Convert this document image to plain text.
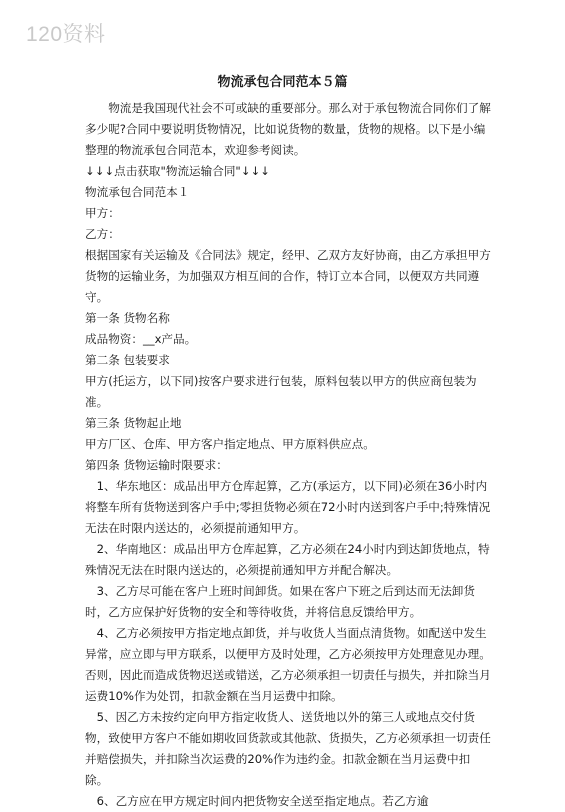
120资料
物流承包合同范本５篇

物流是我国现代社会不可或缺的重要部分。那么对于承包物流合同你们了解多少呢?合同中要说明货物情况，比如说货物的数量，货物的规格。以下是小编整理的物流承包合同范本，欢迎参考阅读。

↓↓↓点击获取"物流运输合同"↓↓↓

物流承包合同范本１

甲方：

乙方：

根据国家有关运输及《合同法》规定，经甲、乙双方友好协商，由乙方承担甲方货物的运输业务，为加强双方相互间的合作，特订立本合同，以便双方共同遵守。

第一条 货物名称

成品物资：__x产品。

第二条 包装要求

甲方(托运方，以下同)按客户要求进行包装，原料包装以甲方的供应商包装为准。

第三条 货物起止地

甲方厂区、仓库、甲方客户指定地点、甲方原料供应点。

第四条 货物运输时限要求：

1、华东地区：成品出甲方仓库起算，乙方(承运方，以下同)必须在36小时内将整车所有货物送到客户手中;零担货物必须在72小时内送到客户手中;特殊情况无法在时限内送达的，必须提前通知甲方。

2、华南地区：成品出甲方仓库起算，乙方必须在24小时内到达卸货地点，特殊情况无法在时限内送达的，必须提前通知甲方并配合解决。

3、乙方尽可能在客户上班时间卸货。如果在客户下班之后到达而无法卸货时，乙方应保护好货物的安全和等待收货，并将信息反馈给甲方。

4、乙方必须按甲方指定地点卸货，并与收货人当面点清货物。如配送中发生异常，应立即与甲方联系，以便甲方及时处理，乙方必须按甲方处理意见办理。否则，因此而造成货物迟送或错送，乙方必须承担一切责任与损失，并扣除当月运费10%作为处罚，扣款金额在当月运费中扣除。

5、因乙方未按约定向甲方指定收货人、送货地以外的第三人或地点交付货物，致使甲方客户不能如期收回货款或其他款、货损失，乙方必须承担一切责任并赔偿损失，并扣除当次运费的20%作为违约金。扣款金额在当月运费中扣除。

6、乙方应在甲方规定时间内把货物安全送至指定地点。若乙方逾
